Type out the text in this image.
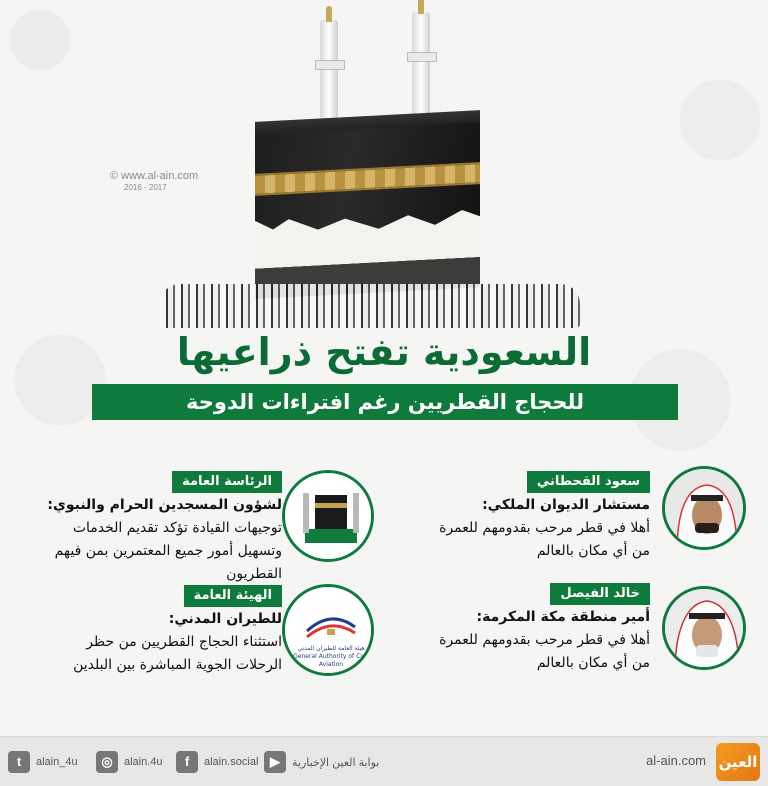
© www.al-ain.com
2016 - 2017
السعودية تفتح ذراعيها
للحجاج القطريين رغم افتراءات الدوحة
سعود القحطاني
مستشار الديوان الملكي:
أهلا في قطر مرحب بقدومهم للعمرة من أي مكان بالعالم
خالد الفيصل
أمير منطقة مكة المكرمة:
أهلا في قطر مرحب بقدومهم للعمرة من أي مكان بالعالم
الرئاسة العامة
لشؤون المسجدين الحرام والنبوي:
توجيهات القيادة تؤكد تقديم الخدمات وتسهيل أمور جميع المعتمرين بمن فيهم القطريون
هيئة العامة للطيران المدني
General Authority of Civil Aviation
الهيئة العامة
للطيران المدني:
استثناء الحجاج القطريين من حظر الرحلات الجوية المباشرة بين البلدين
t	alain_4u	◎	alain.4u	f	alain.social ▶	بوابة العين الإخبارية	al-ain.com العين
